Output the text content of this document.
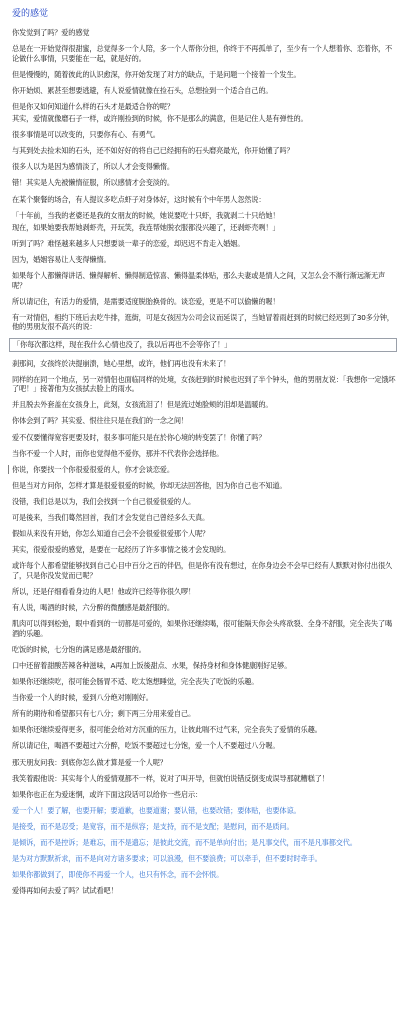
爱的感觉

你发觉到了吗？爱的感觉

总是在一开始觉得很甜蜜，总觉得多一个人陪，多一个人帮你分担，你终于不再孤单了，至少有一个人想着你、恋着你，不论做什么事情，只要能在一起，就是好的。

但是慢慢的，随着彼此的认识愈深，你开始发现了对方的缺点，于是问题一个接着一个发生。

你开始烦、累甚至想要逃避，有人说爱情就像在捡石头，总想捡到一个适合自己的。

但是你又如何知道什么样的石头才是最适合你的呢？

其实，爱情就像磨石子一样，或许刚捡到的时候，你不是那么的满意，但是记住人是有弹性的。

很多事情是可以改变的，只要你有心、有勇气。

与其到处去捡未知的石头，还不如好好的将自己已经拥有的石头磨亮最光，你开始懂了吗？

很多人以为是因为感情淡了，所以人才会变得懒惰。

错！其实是人先被懒惰征服，所以感情才会变淡的。

在某个聚餐的场合，有人提议多吃点虾子对身体好，这时候有个中年男人忽然说：

「十年前，当我的老婆还是我的女朋友的时候，她说要吃十只虾，我就剥二十只给她！

现在，如果她要我帮她剥虾壳，开玩笑，我连帮她脱衣服都没兴趣了，还剥虾壳咧！」

听到了吗？难怪越来越多人只想要谈一辈子的恋爱，却迟迟不肯走入婚姻。

因为，婚姻容易让人变得懒惰。

如果每个人都懒得讲话、懒得解析、懒得制造惊喜、懒得温柔体贴，那么夫妻或是情人之间，又怎么会不渐行渐远渐无声呢？

所以请记住，有活力的爱情，是需要适度脱胎换骨的。谈恋爱，更是不可以偷懒的喔！

有一对情侣，相约下班后去吃牛排，逛街，可是女孩因为公司会议而延误了，当她冒着雨赶到的时候已经迟到了30多分钟，他的男朋友很不高兴的说：

「你每次都这样，现在我什么心情也没了，我以后再也不会等你了！」

刹那间，女孩终於决提崩溃，她心里想，或许，他们再也没有未来了！

同样的在同一个地点，另一对情侣也面临同样的处境，女孩赶到的时候也迟到了半个钟头，他的男朋友说：「我想你一定饿坏了吧！」接著他为女孩拭去脸上的雨水。

并且脱去外套盖在女孩身上，此刻，女孩流泪了！但是流过她脸颊的泪却是温暖的。

你体会到了吗？其实爱、恨往往只是在我们的一念之间！

爱不仅要懂得宽容更要及时，很多事可能只是在於你心境的转变罢了！你懂了吗？

当你不爱一个人时，而你也觉得他不爱你，那并不代表你会选择他。

你说，你要找一个你很爱很爱的人，你才会谈恋爱。

但是当对方问你，怎样才算是很爱很爱的时候，你却无法回答他，因为你自己也不知道。

没错，我们总是以为，我们会找到一个自己很爱很爱的人。

可是後来，当我们蓦然回首，我们才会发觉自己曾经多么天真。

假如从来没有开始，你怎么知道自己会不会很爱很爱那个人呢？

其实，很爱很爱的感觉，是要在一起经历了许多事情之後才会发现的。

或许每个人都希望能够找到自己心目中百分之百的伴侣，但是你有没有想过，在你身边会不会早已经有人默默对你付出很久了，只是你没发觉而已呢？

所以，还是仔细看看身边的人吧！他或许已经等你很久啰！

有人说，喝酒的时候，六分醉的微醺感是最舒服的。

肌肉可以得到松弛，眼中看到的一切都是可爱的，如果你还继续喝，很可能隔天你会头疼欲裂、全身不舒服，完全丧失了喝酒的乐趣。

吃饭的时候，七分饱的满足感是最舒服的。

口中还留着甜酸苦辣各种滋味，A再加上饭後甜点、水果，保持身材和身体健康刚好足够。

如果你还继续吃，很可能会肠胃不适、吃太饱想睡觉，完全丧失了吃饭的乐趣。

当你爱一个人的时候，爱到八分绝对刚刚好。

所有的期待和希望都只有七八分；剩下两三分用来爱自己。

如果你还继续爱得更多，很可能会给对方沉重的压力，让彼此喘不过气来，完全丧失了爱情的乐趣。

所以请记住，喝酒不要超过六分醉，吃饭不要超过七分饱，爱一个人不要超过八分喔。

那天朋友问我：到底你怎么做才算是爱一个人呢？

我笑着跟他说：其实每个人的爱情观都不一样，说对了叫开导，但就怕说错反倒变成误导那就糟糕了！

如果你也正在为爱迷惘，或许下面这段话可以给你一些启示：

爱一个人！要了解，也要开解；要道歉，也要道谢；要认错，也要改错；要体贴，也要体谅。

是接受，而不是忍受；是宽容，而不是纵容；是支持，而不是支配；是慰问，而不是质问。

是倾诉，而不是控诉；是难忘，而不是遗忘；是彼此交流，而不是单向付出；是凡事交代，而不是凡事都交代。

是为对方默默祈求，而不是向对方诸多要求；可以浪漫，但不要浪费；可以牵手，但不要时时牵手。

如果你都做到了，即使你不再爱一个人，也只有怀念，而不会怀恨。

爱得再如何去爱了吗？试试看吧！
